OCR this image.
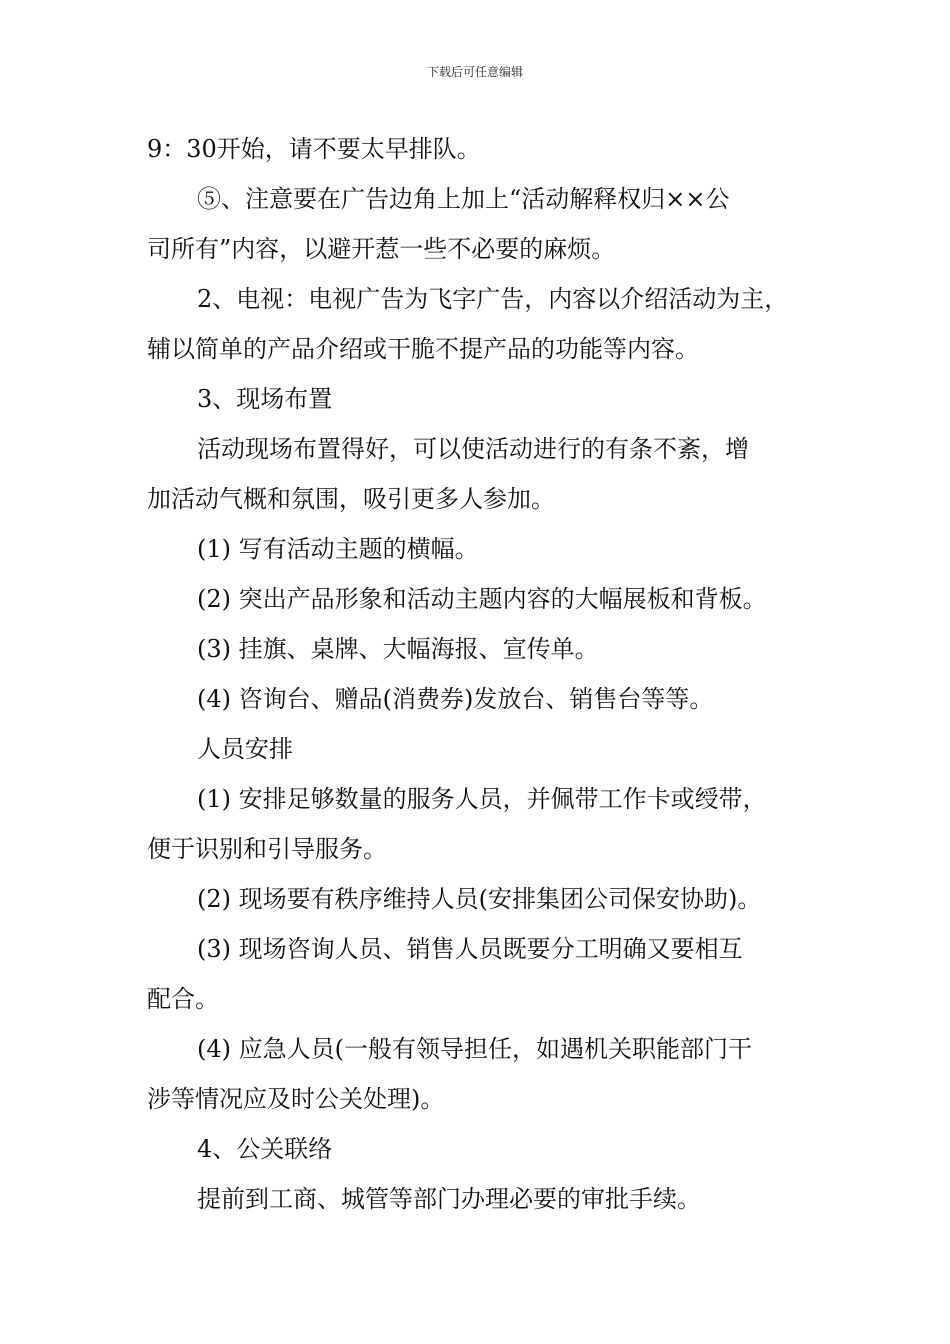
下载后可任意编辑
9：30开始，请不要太早排队。
⑤、注意要在广告边角上加上“活动解释权归××公
司所有”内容，以避开惹一些不必要的麻烦。
2、电视：电视广告为飞字广告，内容以介绍活动为主，
辅以简单的产品介绍或干脆不提产品的功能等内容。
3、现场布置
活动现场布置得好，可以使活动进行的有条不紊，增
加活动气概和氛围，吸引更多人参加。
(1) 写有活动主题的横幅。
(2) 突出产品形象和活动主题内容的大幅展板和背板。
(3) 挂旗、桌牌、大幅海报、宣传单。
(4) 咨询台、赠品(消费券)发放台、销售台等等。
人员安排
(1) 安排足够数量的服务人员，并佩带工作卡或绶带，
便于识别和引导服务。
(2) 现场要有秩序维持人员(安排集团公司保安协助)。
(3) 现场咨询人员、销售人员既要分工明确又要相互
配合。
(4) 应急人员(一般有领导担任，如遇机关职能部门干
涉等情况应及时公关处理)。
4、公关联络
提前到工商、城管等部门办理必要的审批手续。
